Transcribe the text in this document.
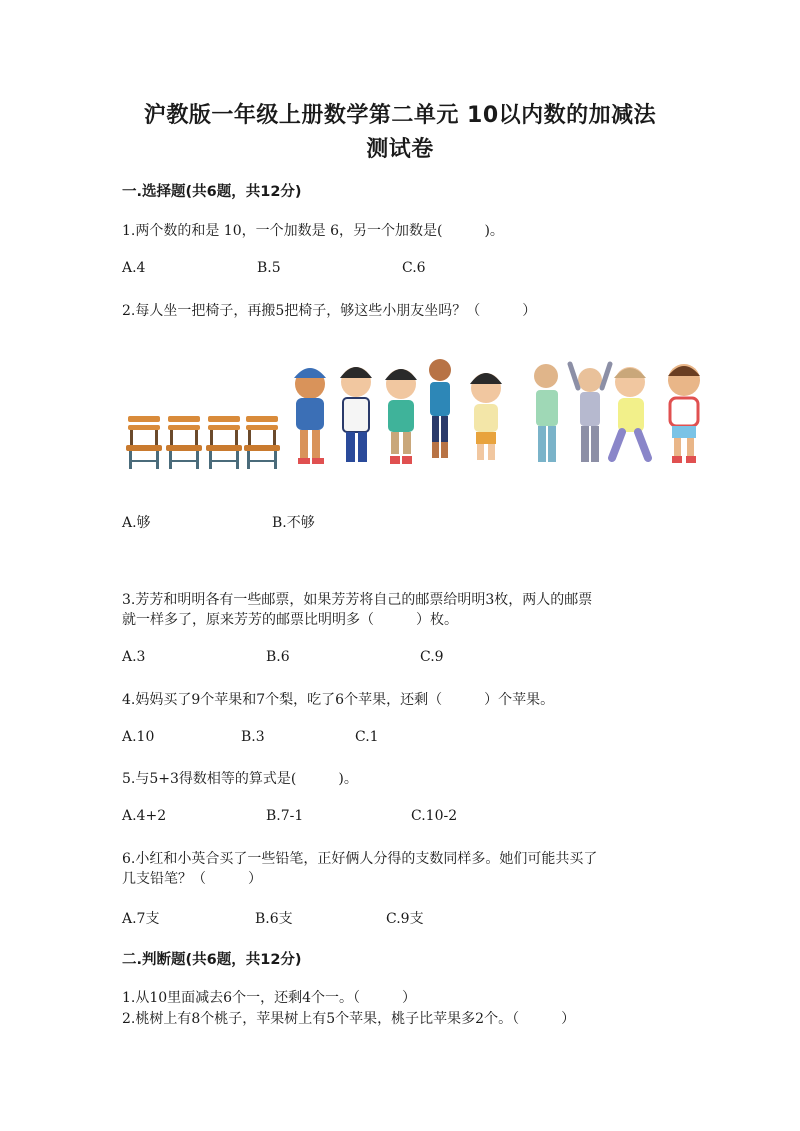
沪教版一年级上册数学第二单元 10以内数的加减法
测试卷
一.选择题(共6题，共12分)
1.两个数的和是 10，一个加数是 6，另一个加数是(　　　)。
A.4	B.5	C.6
2.每人坐一把椅子，再搬5把椅子，够这些小朋友坐吗？（　　　）
A.够	B.不够
3.芳芳和明明各有一些邮票，如果芳芳将自己的邮票给明明3枚，两人的邮票
就一样多了，原来芳芳的邮票比明明多（　　　）枚。
A.3	B.6	C.9
4.妈妈买了9个苹果和7个梨，吃了6个苹果，还剩（　　　）个苹果。
A.10	B.3	C.1
5.与5+3得数相等的算式是(　　　)。
A.4+2	B.7-1	C.10-2
6.小红和小英合买了一些铅笔，正好俩人分得的支数同样多。她们可能共买了
几支铅笔？（　　　）
A.7支	B.6支	C.9支
二.判断题(共6题，共12分)
1.从10里面减去6个一，还剩4个一。（　　　）
2.桃树上有8个桃子，苹果树上有5个苹果，桃子比苹果多2个。（　　　）
